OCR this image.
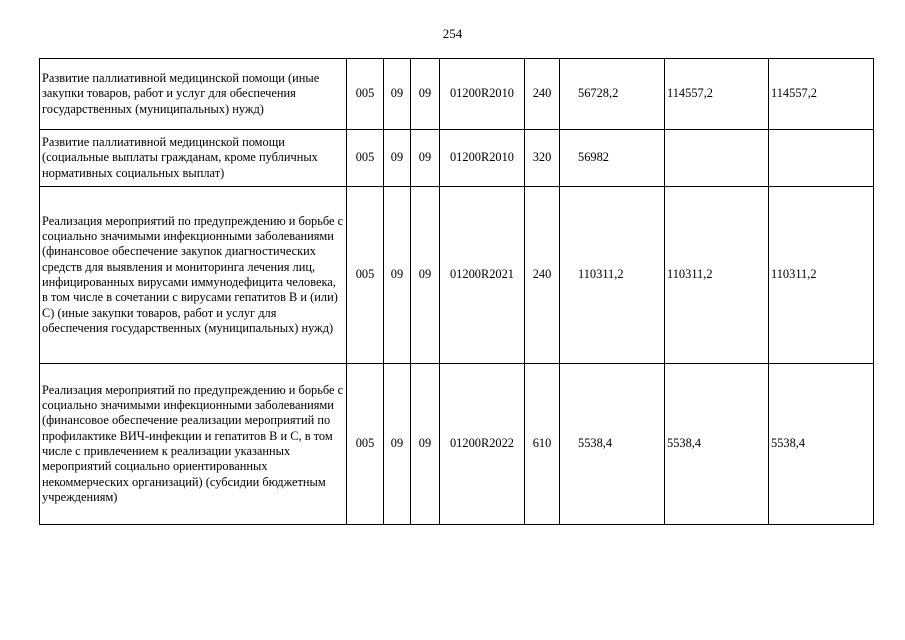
254
Развитие паллиативной медицинской помощи (иные закупки товаров, работ и услуг для обеспечения государственных (муниципальных) нужд)	005	09	09	01200R2010	240	56728,2	114557,2	114557,2
Развитие паллиативной медицинской помощи (социальные выплаты гражданам, кроме публичных нормативных социальных выплат)	005	09	09	01200R2010	320	56982		
Реализация мероприятий по предупреждению и борьбе с социально значимыми инфекционными заболеваниями (финансовое обеспечение закупок диагностических средств для выявления и мониторинга лечения лиц, инфицированных вирусами иммунодефицита человека, в том числе в сочетании с вирусами гепатитов В и (или) С) (иные закупки товаров, работ и услуг для обеспечения государственных (муниципальных) нужд)	005	09	09	01200R2021	240	110311,2	110311,2	110311,2
Реализация мероприятий по предупреждению и борьбе с социально значимыми инфекционными заболеваниями (финансовое обеспечение реализации мероприятий по профилактике ВИЧ-инфекции и гепатитов В и С, в том числе с привлечением к реализации указанных мероприятий социально ориентированных некоммерческих организаций) (субсидии бюджетным учреждениям)	005	09	09	01200R2022	610	5538,4	5538,4	5538,4
